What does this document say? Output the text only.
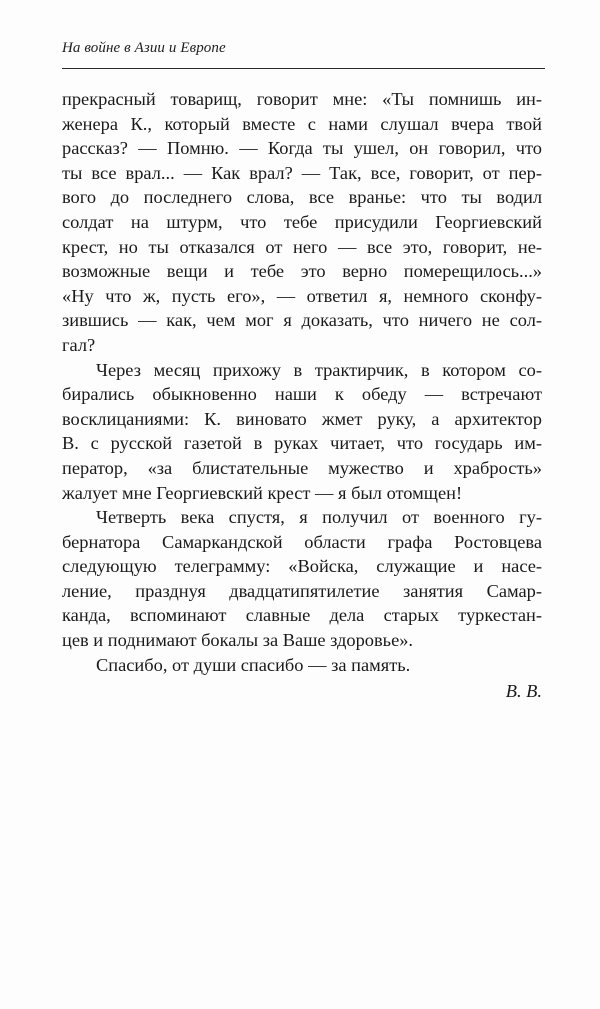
На войне в Азии и Европе
прекрасный товарищ, говорит мне: «Ты помнишь ин-
женера К., который вместе с нами слушал вчера твой
рассказ? — Помню. — Когда ты ушел, он говорил, что
ты все врал... — Как врал? — Так, все, говорит, от пер-
вого до последнего слова, все вранье: что ты водил
солдат на штурм, что тебе присудили Георгиевский
крест, но ты отказался от него — все это, говорит, не-
возможные вещи и тебе это верно померещилось...»
«Ну что ж, пусть его», — ответил я, немного сконфу-
зившись — как, чем мог я доказать, что ничего не сол-
гал?
Через месяц прихожу в трактирчик, в котором со-
бирались обыкновенно наши к обеду — встречают
восклицаниями: К. виновато жмет руку, а архитектор
В. с русской газетой в руках читает, что государь им-
ператор, «за блистательные мужество и храбрость»
жалует мне Георгиевский крест — я был отомщен!
Четверть века спустя, я получил от военного гу-
бернатора Самаркандской области графа Ростовцева
следующую телеграмму: «Войска, служащие и насе-
ление, празднуя двадцатипятилетие занятия Самар-
канда, вспоминают славные дела старых туркестан-
цев и поднимают бокалы за Ваше здоровье».
Спасибо, от души спасибо — за память.
В. В.
